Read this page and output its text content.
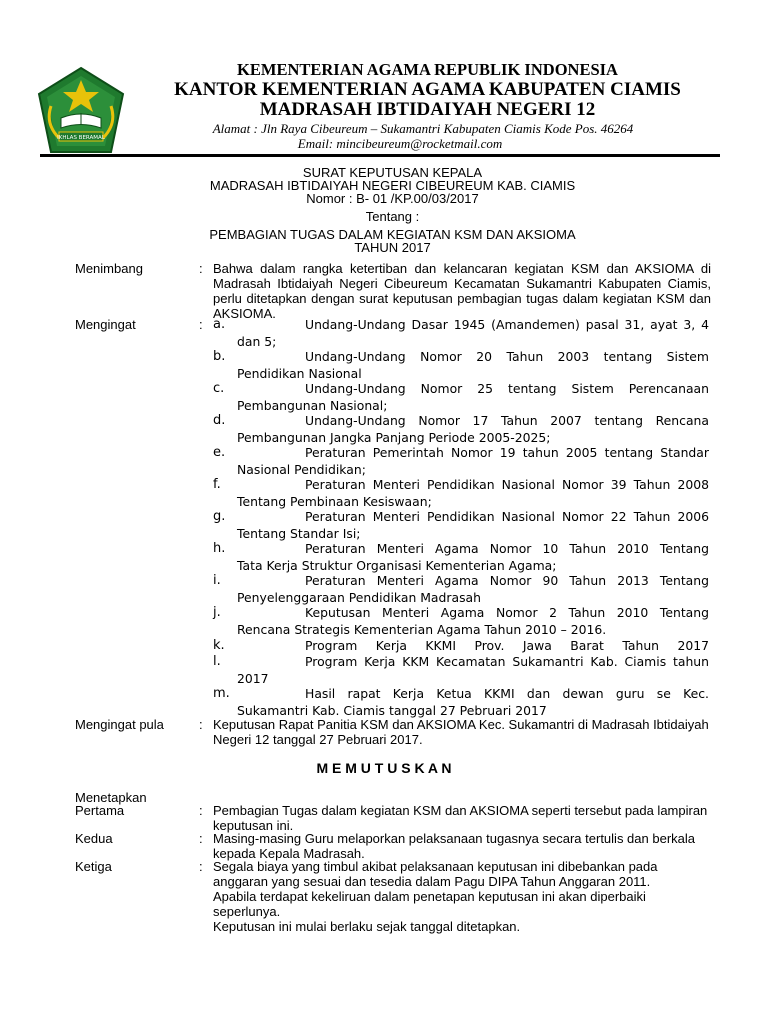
IKHLAS BERAMAL
KEMENTERIAN AGAMA REPUBLIK INDONESIA
KANTOR KEMENTERIAN AGAMA KABUPATEN CIAMIS
MADRASAH IBTIDAIYAH NEGERI 12
Alamat : Jln Raya Cibeureum – Sukamantri Kabupaten Ciamis Kode Pos. 46264
Email: mincibeureum@rocketmail.com
SURAT KEPUTUSAN KEPALA
MADRASAH IBTIDAIYAH NEGERI CIBEUREUM KAB. CIAMIS
Nomor : B- 01 /KP.00/03/2017
Tentang :
PEMBAGIAN TUGAS DALAM KEGIATAN KSM DAN AKSIOMA
TAHUN 2017
Menimbang	: Bahwa dalam rangka ketertiban dan kelancaran kegiatan KSM dan AKSIOMA di Madrasah Ibtidaiyah Negeri Cibeureum Kecamatan Sukamantri Kabupaten Ciamis, perlu ditetapkan dengan surat keputusan pembagian tugas dalam kegiatan KSM dan AKSIOMA.
Mengingat	: a.	Undang-Undang Dasar 1945 (Amandemen) pasal 31, ayat 3, 4
dan 5;
b.	Undang-Undang Nomor 20 Tahun 2003 tentang Sistem
Pendidikan Nasional
c.	Undang-Undang Nomor 25 tentang Sistem Perencanaan
Pembangunan Nasional;
d.	Undang-Undang Nomor 17 Tahun 2007 tentang Rencana
Pembangunan Jangka Panjang Periode 2005-2025;
e.	Peraturan Pemerintah Nomor 19 tahun 2005 tentang Standar
Nasional Pendidikan;
f.	Peraturan Menteri Pendidikan Nasional Nomor 39 Tahun 2008
Tentang Pembinaan Kesiswaan;
g.	Peraturan Menteri Pendidikan Nasional Nomor 22 Tahun 2006
Tentang Standar Isi;
h.	Peraturan Menteri Agama Nomor 10 Tahun 2010 Tentang
Tata Kerja Struktur Organisasi Kementerian Agama;
i.	Peraturan Menteri Agama Nomor 90 Tahun 2013 Tentang
Penyelenggaraan Pendidikan Madrasah
j.	Keputusan Menteri Agama Nomor 2 Tahun 2010 Tentang
Rencana Strategis Kementerian Agama Tahun 2010 – 2016.
k.	Program Kerja KKMI Prov. Jawa Barat Tahun 2017
l.	Program Kerja KKM Kecamatan Sukamantri Kab. Ciamis tahun
2017
m.	Hasil rapat Kerja Ketua KKMI dan dewan guru se Kec.
Sukamantri Kab. Ciamis tanggal 27 Pebruari 2017
Mengingat pula	: Keputusan Rapat Panitia KSM dan AKSIOMA Kec. Sukamantri di Madrasah Ibtidaiyah Negeri 12 tanggal 27 Pebruari 2017.
M E M U T U S K A N
Menetapkan
Pertama	: Pembagian Tugas dalam kegiatan KSM dan AKSIOMA seperti tersebut pada lampiran keputusan ini.
Kedua	: Masing-masing Guru melaporkan pelaksanaan tugasnya secara tertulis dan berkala kepada Kepala Madrasah.
Ketiga	: Segala biaya yang timbul akibat pelaksanaan keputusan ini dibebankan pada anggaran yang sesuai dan tesedia dalam Pagu DIPA Tahun Anggaran 2011.
Apabila terdapat kekeliruan dalam penetapan keputusan ini akan diperbaiki seperlunya.
Keputusan ini mulai berlaku sejak tanggal ditetapkan.
